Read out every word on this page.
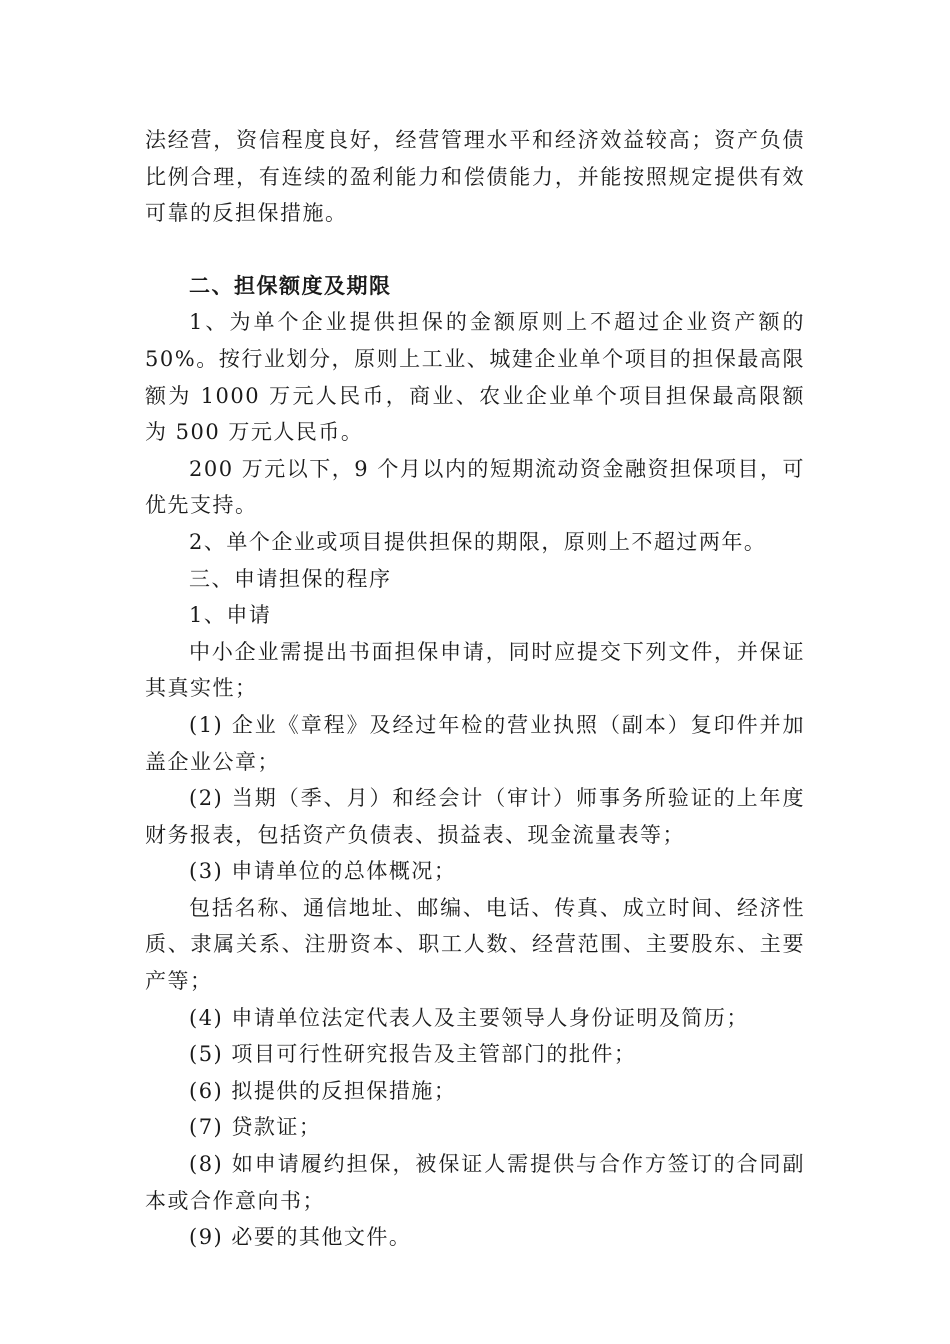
法经营，资信程度良好，经营管理水平和经济效益较高；资产负债比例合理，有连续的盈利能力和偿债能力，并能按照规定提供有效可靠的反担保措施。

二、担保额度及期限

1、为单个企业提供担保的金额原则上不超过企业资产额的 50%。按行业划分，原则上工业、城建企业单个项目的担保最高限额为 1000 万元人民币，商业、农业企业单个项目担保最高限额为 500 万元人民币。

200 万元以下，9 个月以内的短期流动资金融资担保项目，可优先支持。

2、单个企业或项目提供担保的期限，原则上不超过两年。

三、申请担保的程序

1、申请

中小企业需提出书面担保申请，同时应提交下列文件，并保证其真实性；

(1) 企业《章程》及经过年检的营业执照（副本）复印件并加盖企业公章；

(2) 当期（季、月）和经会计（审计）师事务所验证的上年度财务报表，包括资产负债表、损益表、现金流量表等；

(3) 申请单位的总体概况；

包括名称、通信地址、邮编、电话、传真、成立时间、经济性质、隶属关系、注册资本、职工人数、经营范围、主要股东、主要产等；

(4) 申请单位法定代表人及主要领导人身份证明及简历；

(5) 项目可行性研究报告及主管部门的批件；

(6) 拟提供的反担保措施；

(7) 贷款证；

(8) 如申请履约担保，被保证人需提供与合作方签订的合同副本或合作意向书；

(9) 必要的其他文件。
